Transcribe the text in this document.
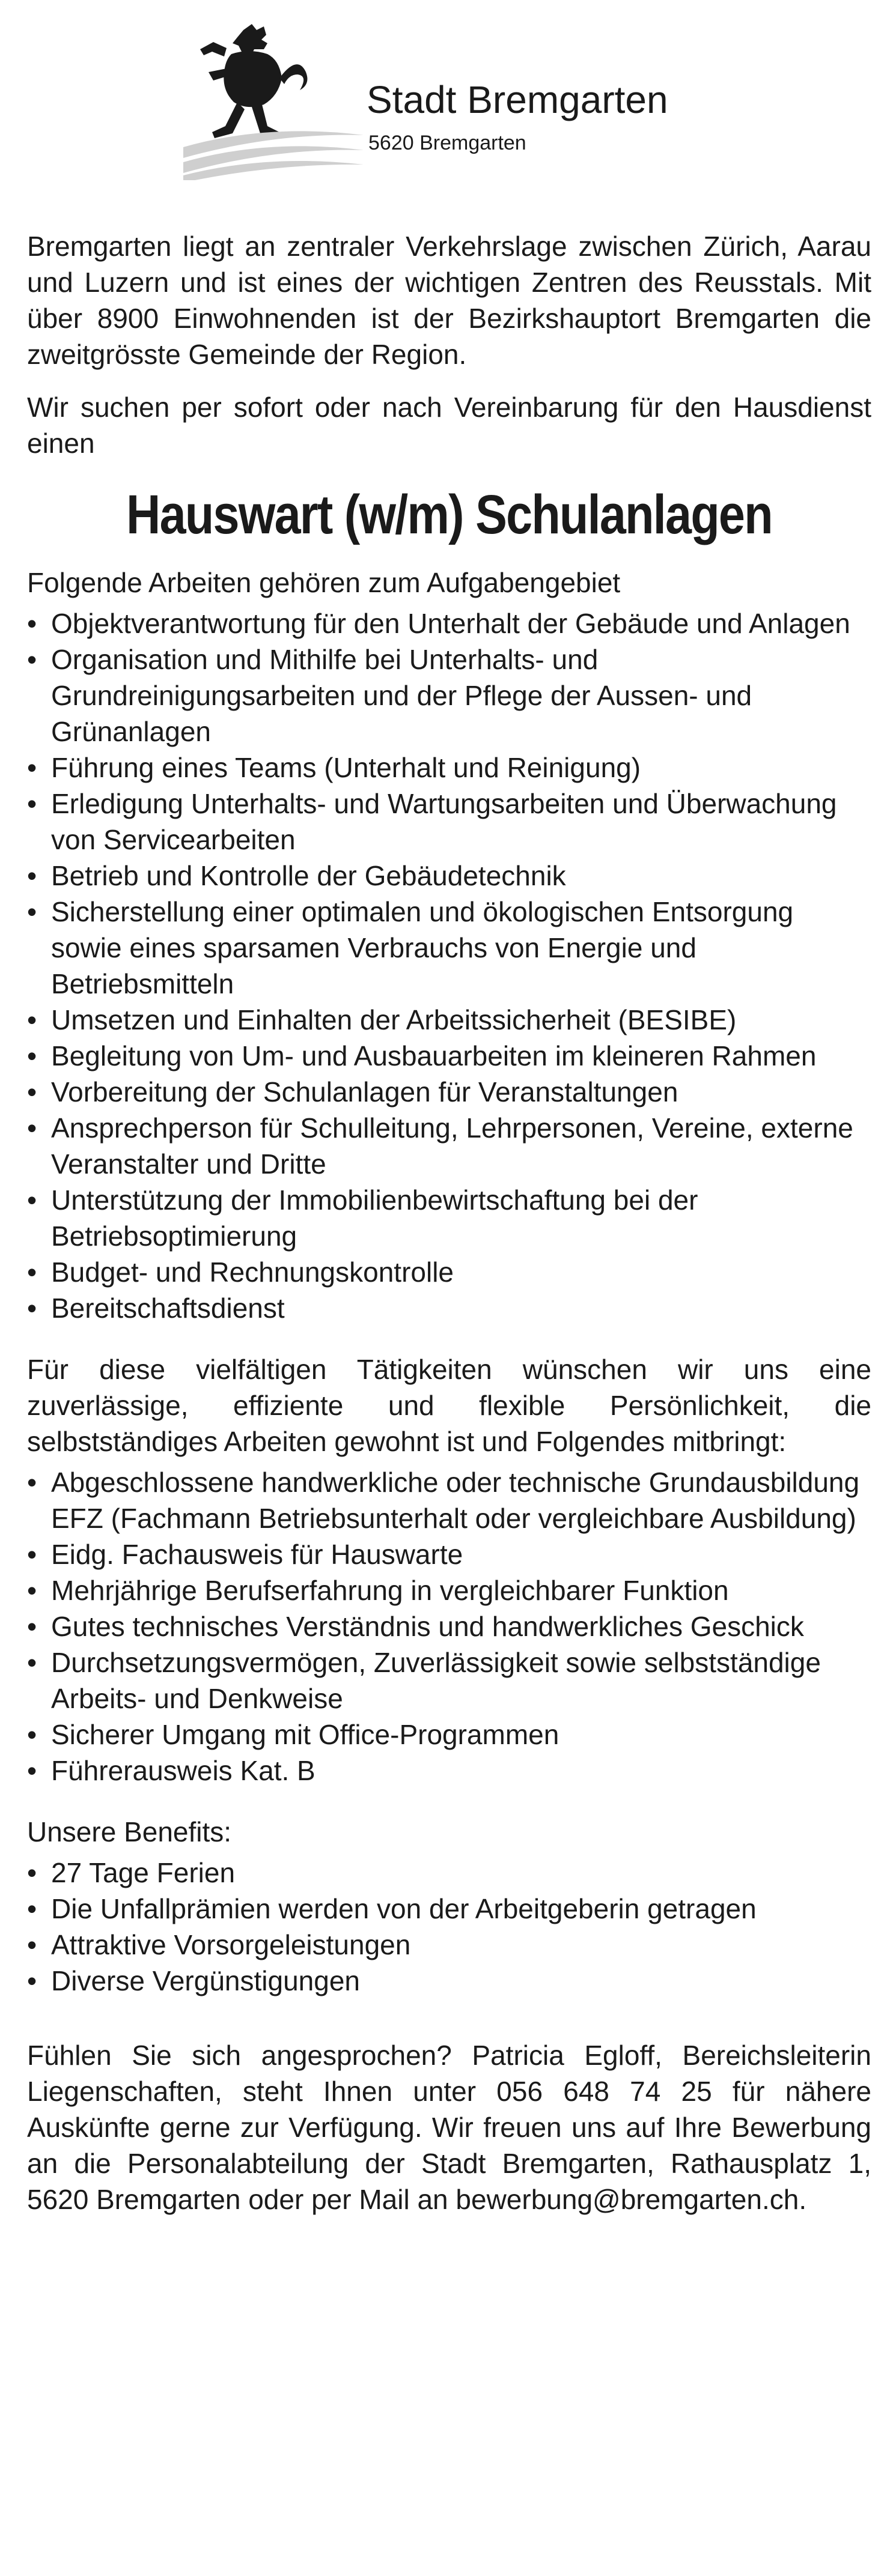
Stadt Bremgarten
5620 Bremgarten

Bremgarten liegt an zentraler Verkehrslage zwischen Zürich, Aarau und Luzern und ist eines der wichtigen Zentren des Reusstals. Mit über 8900 Einwohnenden ist der Bezirkshauptort Bremgarten die zweitgrösste Gemeinde der Region.

Wir suchen per sofort oder nach Vereinbarung für den Hausdienst einen

Hauswart (w/m) Schulanlagen
Folgende Arbeiten gehören zum Aufgabengebiet
• Objektverantwortung für den Unterhalt der Gebäude und Anlagen
• Organisation und Mithilfe bei Unterhalts- und Grundreinigungsarbeiten und der Pflege der Aussen- und Grünanlagen
• Führung eines Teams (Unterhalt und Reinigung)
• Erledigung Unterhalts- und Wartungsarbeiten und Überwachung von Servicearbeiten
• Betrieb und Kontrolle der Gebäudetechnik
• Sicherstellung einer optimalen und ökologischen Entsorgung sowie eines sparsamen Verbrauchs von Energie und Betriebsmitteln
• Umsetzen und Einhalten der Arbeitssicherheit (BESIBE)
• Begleitung von Um- und Ausbauarbeiten im kleineren Rahmen
• Vorbereitung der Schulanlagen für Veranstaltungen
• Ansprechperson für Schulleitung, Lehrpersonen, Vereine, externe Veranstalter und Dritte
• Unterstützung der Immobilienbewirtschaftung bei der Betriebsoptimierung
• Budget- und Rechnungskontrolle
• Bereitschaftsdienst
Für diese vielfältigen Tätigkeiten wünschen wir uns eine zuverlässige, effiziente und flexible Persönlichkeit, die selbstständiges Arbeiten gewohnt ist und Folgendes mitbringt:
• Abgeschlossene handwerkliche oder technische Grundausbildung EFZ (Fachmann Betriebsunterhalt oder vergleichbare Ausbildung)
• Eidg. Fachausweis für Hauswarte
• Mehrjährige Berufserfahrung in vergleichbarer Funktion
• Gutes technisches Verständnis und handwerkliches Geschick
• Durchsetzungsvermögen, Zuverlässigkeit sowie selbstständige Arbeits- und Denkweise
• Sicherer Umgang mit Office-Programmen
• Führerausweis Kat. B
Unsere Benefits:
• 27 Tage Ferien
• Die Unfallprämien werden von der Arbeitgeberin getragen
• Attraktive Vorsorgeleistungen
• Diverse Vergünstigungen
Fühlen Sie sich angesprochen? Patricia Egloff, Bereichsleiterin Liegenschaften, steht Ihnen unter 056 648 74 25 für nähere Auskünfte gerne zur Verfügung. Wir freuen uns auf Ihre Bewerbung an die Personalabteilung der Stadt Bremgarten, Rathausplatz 1, 5620 Bremgarten oder per Mail an bewerbung@bremgarten.ch.
